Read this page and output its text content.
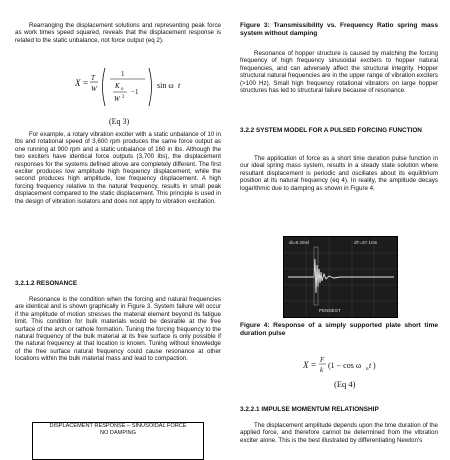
Rearranging the displacement solutions and representing peak force as work times speed squared, reveals that the displacement response is related to the static unbalance, not force output (eq 2).

X = T
W
1
K o
W 2
−1
sin ω t
(Eq 3)

For example, a rotary vibration exciter with a static unbalance of 10 in lbs and rotational speed of 3,600 rpm produces the same force output as one running at 900 rpm and a static unbalance of 160 in lbs. Although the two exciters have identical force outputs (3,700 lbs), the displacement responses for the systems defined above are completely different. The first exciter produces low amplitude high frequency displacement, while the second produces high amplitude, low frequency displacement. A high forcing frequency relative to the natural frequency, results in small peak displacement compared to the static displacement. This principle is used in the design of vibration isolators and does not apply to vibration excitation.

3.2.1.2 RESONANCE

Resonance is the condition when the forcing and natural frequencies are identical and is shown graphically in Figure 3. System failure will occur if the amplitude of motion stresses the material element beyond its fatigue limit. This condition for bulk materials would be desirable at the free surface of the arch or rathole formation. Tuning the forcing frequency to the natural frequency of the bulk material at its free surface is only possible if the natural frequency at that location is known. Tuning without knowledge of the free surface natural frequency could cause resonance at other locations within the bulk material mass and lead to compaction.

DISPLACEMENT RESPONSE – SINUSOIDAL FORCE
NO DAMPING

Figure 3: Transmissibility vs. Frequency Ratio spring mass system without damping

Resonance of hopper structure is caused by matching the forcing frequency of high frequency sinusoidal exciters to hopper natural frequencies, and can adversely affect the structural integrity. Hopper structural natural frequencies are in the upper range of vibration exciters (>100 Hz). Small high frequency rotational vibrators on large hopper structures has led to structural failure because of resonance.

3.2.2 SYSTEM MODEL FOR A PULSED FORCING FUNCTION

The application of force as a short time duration pulse function in our ideal spring mass system, results in a steady state solution where resultant displacement is periodic and oscillates about its equilibrium position at its natural frequency (eq 4). In reality, the amplitude decays logarithmic due to damping as shown in Figure 4.

Figure 4: Response of a simply supported plate short time duration pulse

X = F
k (1 − cos ω n t )
(Eq 4)

3.2.2.1 IMPULSE MOMENTUM RELATIONSHIP

The displacement amplitude depends upon the time duration of the applied force, and therefore cannot be determined from the vibration exciter alone. This is the best illustrated by differentiating Newton's

dt=8.20ml	dT=37.1ms
PENDEST
